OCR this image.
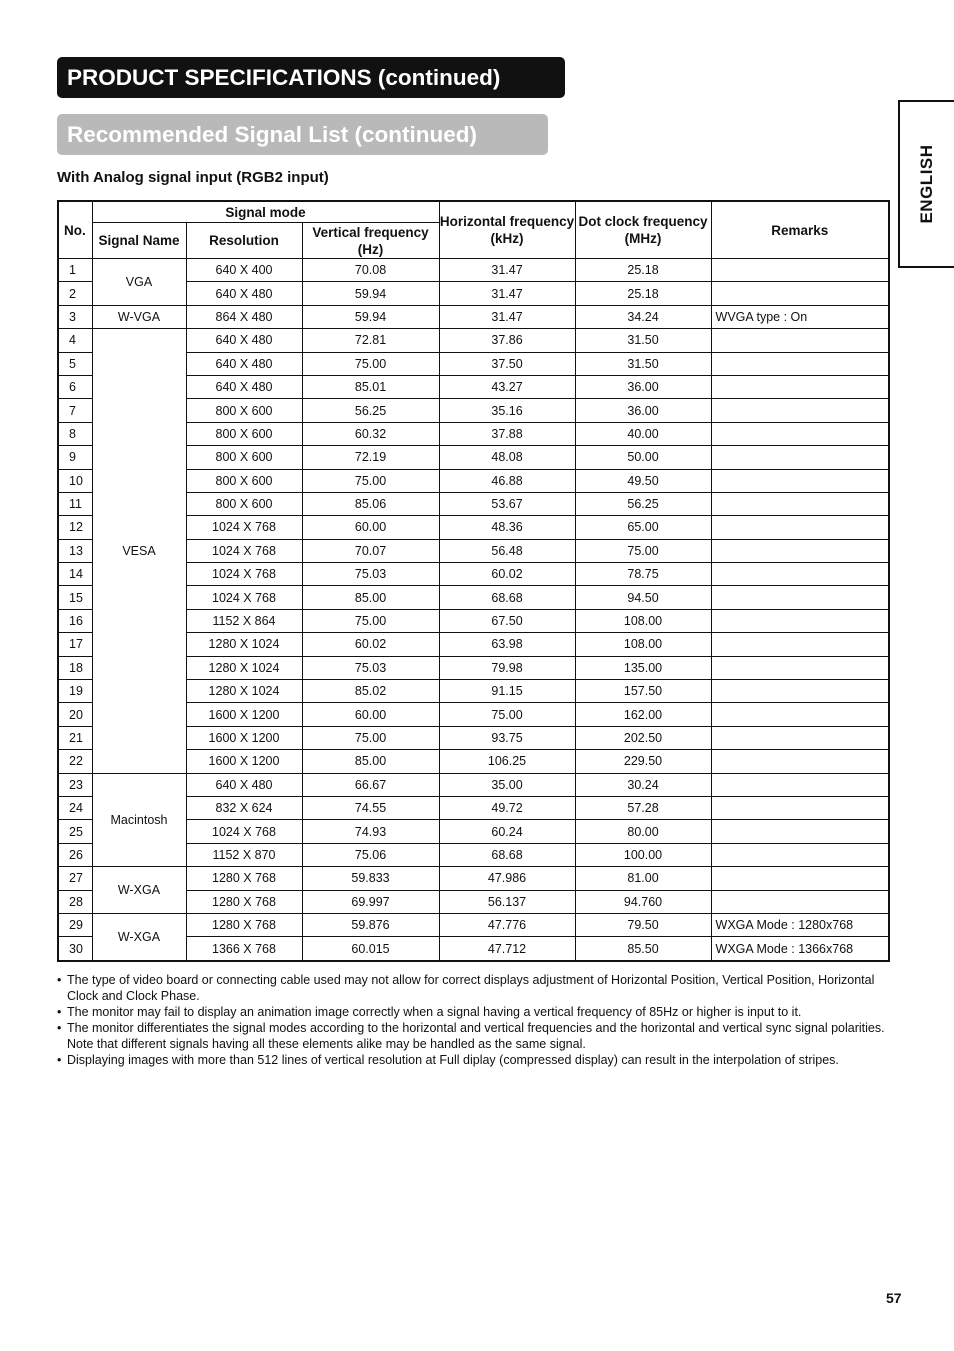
PRODUCT SPECIFICATIONS (continued)
Recommended Signal List (continued)
ENGLISH
With Analog signal input (RGB2 input)
No.	Signal mode			Horizontal frequency (kHz)	Dot clock frequency (MHz)	Remarks
	Signal Name	Resolution	Vertical frequency (Hz)			
1	VGA	640 X 400	70.08	31.47	25.18	
2		640 X 480	59.94	31.47	25.18	
3	W-VGA	864 X 480	59.94	31.47	34.24	WVGA type : On
4	VESA	640 X 480	72.81	37.86	31.50	
5		640 X 480	75.00	37.50	31.50	
6		640 X 480	85.01	43.27	36.00	
7		800 X 600	56.25	35.16	36.00	
8		800 X 600	60.32	37.88	40.00	
9		800 X 600	72.19	48.08	50.00	
10		800 X 600	75.00	46.88	49.50	
11		800 X 600	85.06	53.67	56.25	
12		1024 X 768	60.00	48.36	65.00	
13		1024 X 768	70.07	56.48	75.00	
14		1024 X 768	75.03	60.02	78.75	
15		1024 X 768	85.00	68.68	94.50	
16		1152 X 864	75.00	67.50	108.00	
17		1280 X 1024	60.02	63.98	108.00	
18		1280 X 1024	75.03	79.98	135.00	
19		1280 X 1024	85.02	91.15	157.50	
20		1600 X 1200	60.00	75.00	162.00	
21		1600 X 1200	75.00	93.75	202.50	
22		1600 X 1200	85.00	106.25	229.50	
23	Macintosh	640 X 480	66.67	35.00	30.24	
24		832 X 624	74.55	49.72	57.28	
25		1024 X 768	74.93	60.24	80.00	
26		1152 X 870	75.06	68.68	100.00	
27	W-XGA	1280 X 768	59.833	47.986	81.00	
28		1280 X 768	69.997	56.137	94.760	
29	W-XGA	1280 X 768	59.876	47.776	79.50	WXGA Mode : 1280x768
30		1366 X 768	60.015	47.712	85.50	WXGA Mode : 1366x768
• The type of video board or connecting cable used may not allow for correct displays adjustment of Horizontal Position, Vertical Position, Horizontal Clock and Clock Phase.
• The monitor may fail to display an animation image correctly when a signal having a vertical frequency of 85Hz or higher is input to it.
• The monitor differentiates the signal modes according to the horizontal and vertical frequencies and the horizontal and vertical sync signal polarities. Note that different signals having all these elements alike may be handled as the same signal.
• Displaying images with more than 512 lines of vertical resolution at Full diplay (compressed display) can result in the interpolation of stripes.
57
